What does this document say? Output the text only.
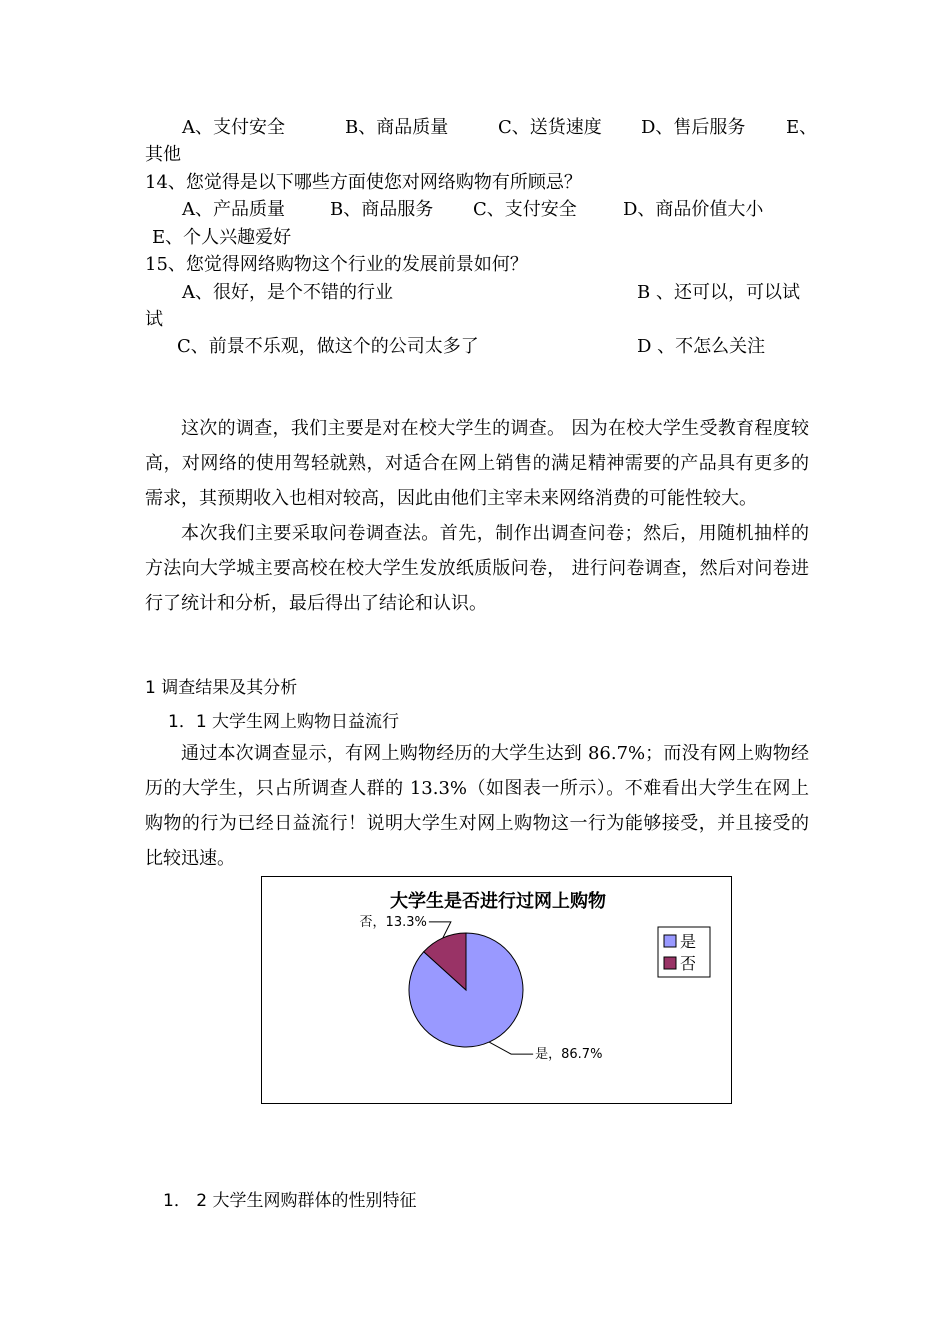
A、支付安全	B、商品质量	C、送货速度 D、售后服务 E、
其他
14、您觉得是以下哪些方面使您对网络购物有所顾忌？
A、产品质量	B、商品服务 C、支付安全	D、商品价值大小
E、个人兴趣爱好
15、您觉得网络购物这个行业的发展前景如何？
A、很好，是个不错的行业	B 、还可以，可以试
试
C、前景不乐观，做这个的公司太多了	D 、不怎么关注

这次的调查，我们主要是对在校大学生的调查。 因为在校大学生受教育程度较高，对网络的使用驾轻就熟，对适合在网上销售的满足精神需要的产品具有更多的需求，其预期收入也相对较高，因此由他们主宰未来网络消费的可能性较大。

本次我们主要采取问卷调查法。首先，制作出调查问卷；然后，用随机抽样的方法向大学城主要高校在校大学生发放纸质版问卷， 进行问卷调查，然后对问卷进行了统计和分析，最后得出了结论和认识。

1 调查结果及其分析
1．1 大学生网上购物日益流行

通过本次调查显示，有网上购物经历的大学生达到 86.7%；而没有网上购物经历的大学生，只占所调查人群的 13.3%（如图表一所示）。不难看出大学生在网上购物的行为已经日益流行！说明大学生对网上购物这一行为能够接受，并且接受的比较迅速。

大学生是否进行过网上购物
是，86.7%
否，13.3%
是
否
1． 2 大学生网购群体的性别特征
